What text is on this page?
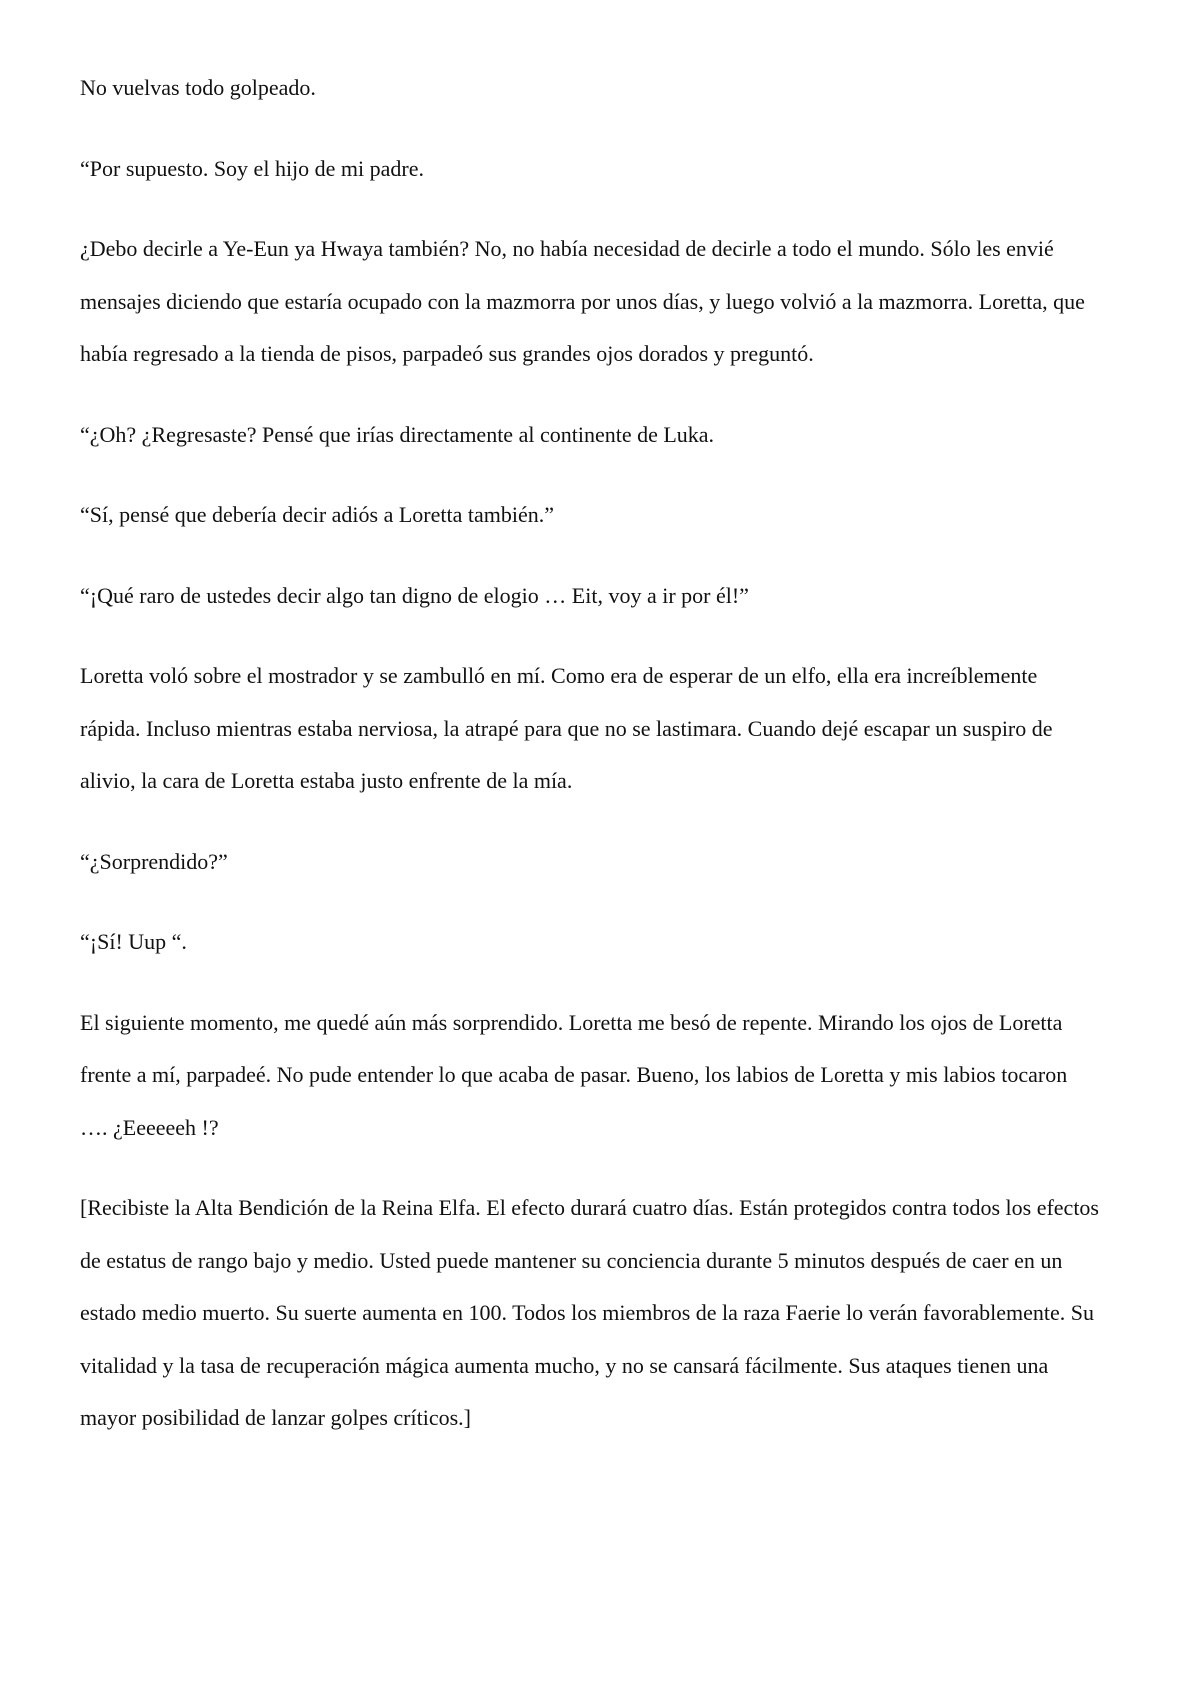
No vuelvas todo golpeado.

“Por supuesto. Soy el hijo de mi padre.

¿Debo decirle a Ye-Eun ya Hwaya también? No, no había necesidad de decirle a todo el mundo. Sólo les envié mensajes diciendo que estaría ocupado con la mazmorra por unos días, y luego volvió a la mazmorra. Loretta, que había regresado a la tienda de pisos, parpadeó sus grandes ojos dorados y preguntó.

“¿Oh? ¿Regresaste? Pensé que irías directamente al continente de Luka.

“Sí, pensé que debería decir adiós a Loretta también.”

“¡Qué raro de ustedes decir algo tan digno de elogio … Eit, voy a ir por él!”

Loretta voló sobre el mostrador y se zambulló en mí. Como era de esperar de un elfo, ella era increíblemente rápida. Incluso mientras estaba nerviosa, la atrapé para que no se lastimara. Cuando dejé escapar un suspiro de alivio, la cara de Loretta estaba justo enfrente de la mía.

“¿Sorprendido?”

“¡Sí! Uup “.

El siguiente momento, me quedé aún más sorprendido. Loretta me besó de repente. Mirando los ojos de Loretta frente a mí, parpadeé. No pude entender lo que acaba de pasar. Bueno, los labios de Loretta y mis labios tocaron …. ¿Eeeeeeh !?

[Recibiste la Alta Bendición de la Reina Elfa. El efecto durará cuatro días. Están protegidos contra todos los efectos de estatus de rango bajo y medio. Usted puede mantener su conciencia durante 5 minutos después de caer en un estado medio muerto. Su suerte aumenta en 100. Todos los miembros de la raza Faerie lo verán favorablemente. Su vitalidad y la tasa de recuperación mágica aumenta mucho, y no se cansará fácilmente. Sus ataques tienen una mayor posibilidad de lanzar golpes críticos.]
